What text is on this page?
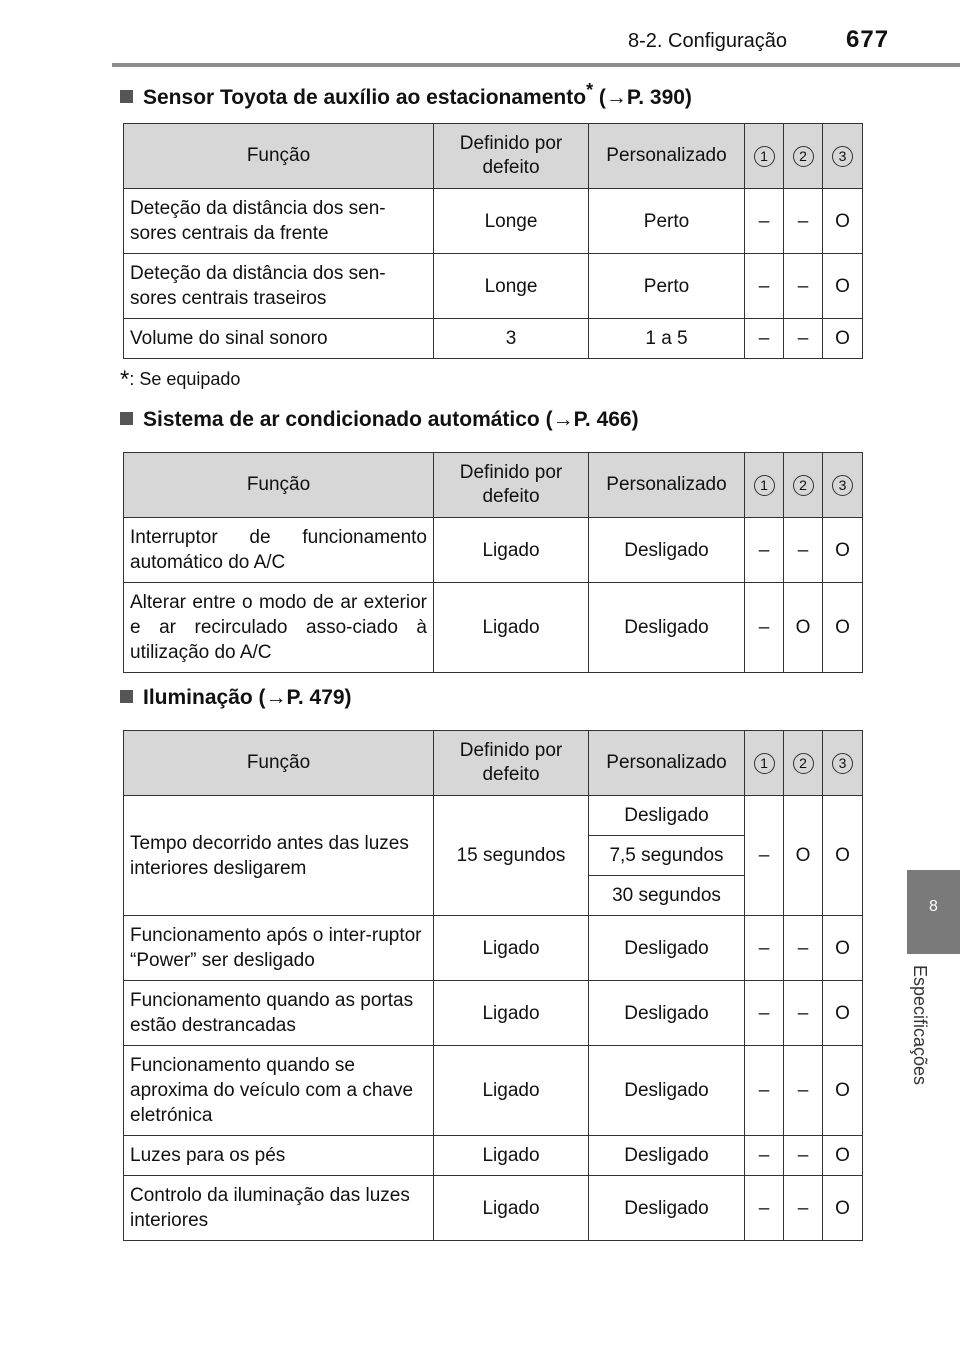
8-2. Configuração 677
8
Especificações
Sensor Toyota de auxílio ao estacionamento* (→P. 390)
Função	Definido por defeito	Personalizado	1	2	3
Deteção da distância dos sen-sores centrais da frente	Longe	Perto	–	–	O
Deteção da distância dos sen-sores centrais traseiros	Longe	Perto	–	–	O
Volume do sinal sonoro	3	1 a 5	–	–	O
*: Se equipado
Sistema de ar condicionado automático (→P. 466)
Função	Definido por defeito	Personalizado	1	2	3
Interruptor de funcionamento automático do A/C	Ligado	Desligado	–	–	O
Alterar entre o modo de ar exterior e ar recirculado asso-ciado à utilização do A/C	Ligado	Desligado	–	O	O
Iluminação (→P. 479)
Função	Definido por defeito	Personalizado	1	2	3
Tempo decorrido antes das luzes interiores desligarem	15 segundos	Desligado	–	O	O
		7,5 segundos			
		30 segundos			
Funcionamento após o inter-ruptor “Power” ser desligado	Ligado	Desligado	–	–	O
Funcionamento quando as portas estão destrancadas	Ligado	Desligado	–	–	O
Funcionamento quando se aproxima do veículo com a chave eletrónica	Ligado	Desligado	–	–	O
Luzes para os pés	Ligado	Desligado	–	–	O
Controlo da iluminação das luzes interiores	Ligado	Desligado	–	–	O
